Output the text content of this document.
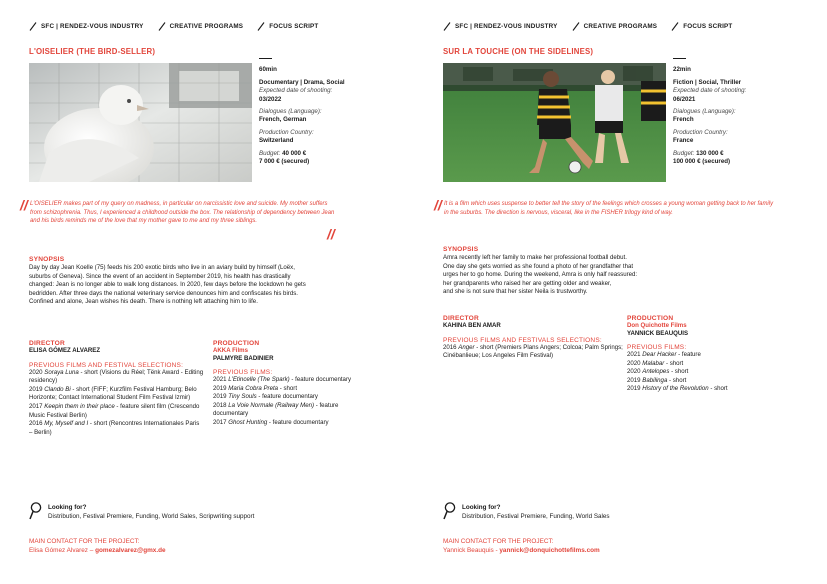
SFC | RENDEZ-VOUS INDUSTRY	CREATIVE PROGRAMS	FOCUS SCRIPT
L'OISELIER (THE BIRD-SELLER)
60min
Documentary | Drama, Social
Expected date of shooting:
03/2022
Dialogues (Language):
French, German
Production Country:
Switzerland
Budget: 40 000 €
7 000 € (secured)
// L'OISELIER makes part of my query on madness, in particular on narcissistic love and suicide. My mother suffers from schizophrenia. Thus, I experienced a childhood outside the box. The relationship of dependency between Jean and his birds reminds me of the love that my mother gave to me and my three siblings.
//
SYNOPSIS
Day by day Jean Koelle (75) feeds his 200 exotic birds who live in an aviary build by himself (Loëx, suburbs of Geneva). Since the event of an accident in September 2019, his health has drastically changed: Jean is no longer able to walk long distances. In 2020, few days before the lockdown he gets bedridden. After three days the national veterinary service denounces him and confiscates his birds. Confined and alone, Jean wishes his death. There is nothing left attaching him to life.
DIRECTOR
ELISA GÓMEZ ALVAREZ
PREVIOUS FILMS AND FESTIVAL SELECTIONS:
2020 Soraya Luna - short (Visions du Réel; Tënk Award - Editing residency)
2019 Clando Bi - short (FIFF; Kurzfilm Festival Hamburg; Belo Horizonte; Contact International Student Film Festival Izmir)
2017 Keepin them in their place - feature silent film (Crescendo Music Festival Berlin)
2016 My, Myself and I - short (Rencontres Internationales Paris – Berlin)
PRODUCTION
AKKA Films
PALMYRE BADINIER
PREVIOUS FILMS:
2021 L'Etincelle (The Spark) - feature documentary
2019 Maria Cobra Preta - short
2019 Tiny Souls - feature documentary
2018 La Voie Normale (Railway Men) - feature documentary
2017 Ghost Hunting - feature documentary
Looking for?
Distribution, Festival Premiere, Funding, World Sales, Scripwriting support
MAIN CONTACT FOR THE PROJECT:
Elisa Gómez Alvarez – gomezalvarez@gmx.de
SFC | RENDEZ-VOUS INDUSTRY	CREATIVE PROGRAMS	FOCUS SCRIPT
SUR LA TOUCHE (ON THE SIDELINES)
22min
Fiction | Social, Thriller
Expected date of shooting:
06/2021
Dialogues (Language):
French
Production Country:
France
Budget: 130 000 €
100 000 € (secured)
// It is a film which uses suspense to better tell the story of the feelings which crosses a young woman getting back to her family in the suburbs. The direction is nervous, visceral, like in the FISHER trilogy kind of way.
SYNOPSIS
Amra recently left her family to make her professional football debut.
One day she gets worried as she found a photo of her grandfather that
urges her to go home. During the weekend, Amra is only half reassured:
her grandparents who raised her are getting older and weaker,
and she is not sure that her sister Neila is trustworthy.
DIRECTOR
KAHINA BEN AMAR
PREVIOUS FILMS AND FESTIVALS SELECTIONS:
2016 Anger - short (Premiers Plans Angers; Colcoa; Palm Springs; Cinébanlieue; Los Angeles Film Festival)
PRODUCTION
Don Quichotte Films
YANNICK BEAUQUIS
PREVIOUS FILMS:
2021 Dear Hacker - feature
2020 Malabar - short
2020 Antelopes - short
2019 Babilinga - short
2019 History of the Revolution - short
Looking for?
Distribution, Festival Premiere, Funding, World Sales
MAIN CONTACT FOR THE PROJECT:
Yannick Beauquis - yannick@donquichottefilms.com
